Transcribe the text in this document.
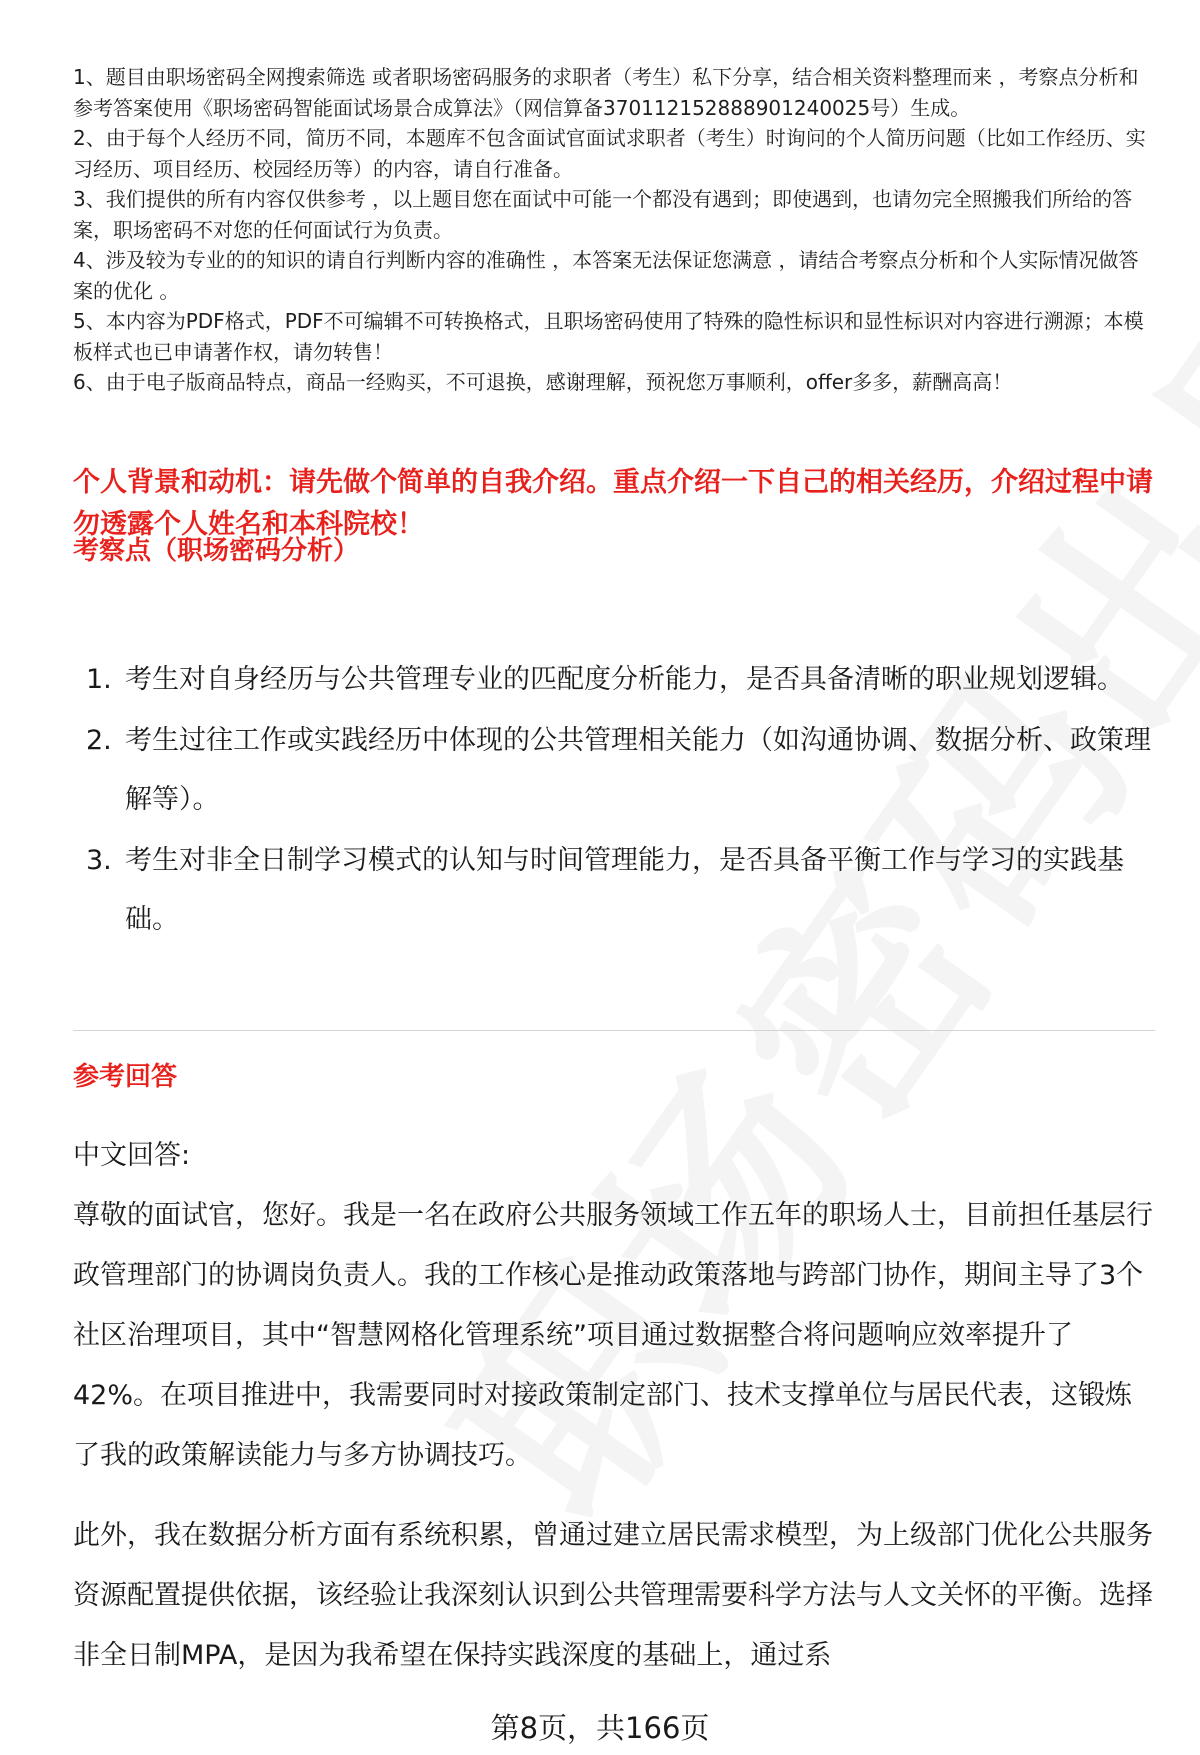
1、题目由职场密码全网搜索筛选 或者职场密码服务的求职者（考生）私下分享，结合相关资料整理而来 ，考察点分析和参考答案使用《职场密码智能面试场景合成算法》（网信算备370112152888901240025号）生成。

2、由于每个人经历不同，简历不同，本题库不包含面试官面试求职者（考生）时询问的个人简历问题（比如工作经历、实习经历、项目经历、校园经历等）的内容，请自行准备。

3、我们提供的所有内容仅供参考 ，以上题目您在面试中可能一个都没有遇到；即使遇到，也请勿完全照搬我们所给的答案，职场密码不对您的任何面试行为负责。

4、涉及较为专业的的知识的请自行判断内容的准确性 ，本答案无法保证您满意 ，请结合考察点分析和个人实际情况做答案的优化 。

5、本内容为PDF格式，PDF不可编辑不可转换格式，且职场密码使用了特殊的隐性标识和显性标识对内容进行溯源；本模板样式也已申请著作权，请勿转售！

6、由于电子版商品特点，商品一经购买，不可退换，感谢理解，预祝您万事顺利，offer多多，薪酬高高！

个人背景和动机：请先做个简单的自我介绍。重点介绍一下自己的相关经历，介绍过程中请勿透露个人姓名和本科院校！

考察点（职场密码分析）

1. 考生对自身经历与公共管理专业的匹配度分析能力，是否具备清晰的职业规划逻辑。
2. 考生过往工作或实践经历中体现的公共管理相关能力（如沟通协调、数据分析、政策理解等）。
3. 考生对非全日制学习模式的认知与时间管理能力，是否具备平衡工作与学习的实践基础。

参考回答

中文回答:

尊敬的面试官，您好。我是一名在政府公共服务领域工作五年的职场人士，目前担任基层行政管理部门的协调岗负责人。我的工作核心是推动政策落地与跨部门协作，期间主导了3个社区治理项目，其中“智慧网格化管理系统”项目通过数据整合将问题响应效率提升了42%。在项目推进中，我需要同时对接政策制定部门、技术支撑单位与居民代表，这锻炼了我的政策解读能力与多方协调技巧。

此外，我在数据分析方面有系统积累，曾通过建立居民需求模型，为上级部门优化公共服务资源配置提供依据，该经验让我深刻认识到公共管理需要科学方法与人文关怀的平衡。选择非全日制MPA，是因为我希望在保持实践深度的基础上，通过系

第8页，共166页
